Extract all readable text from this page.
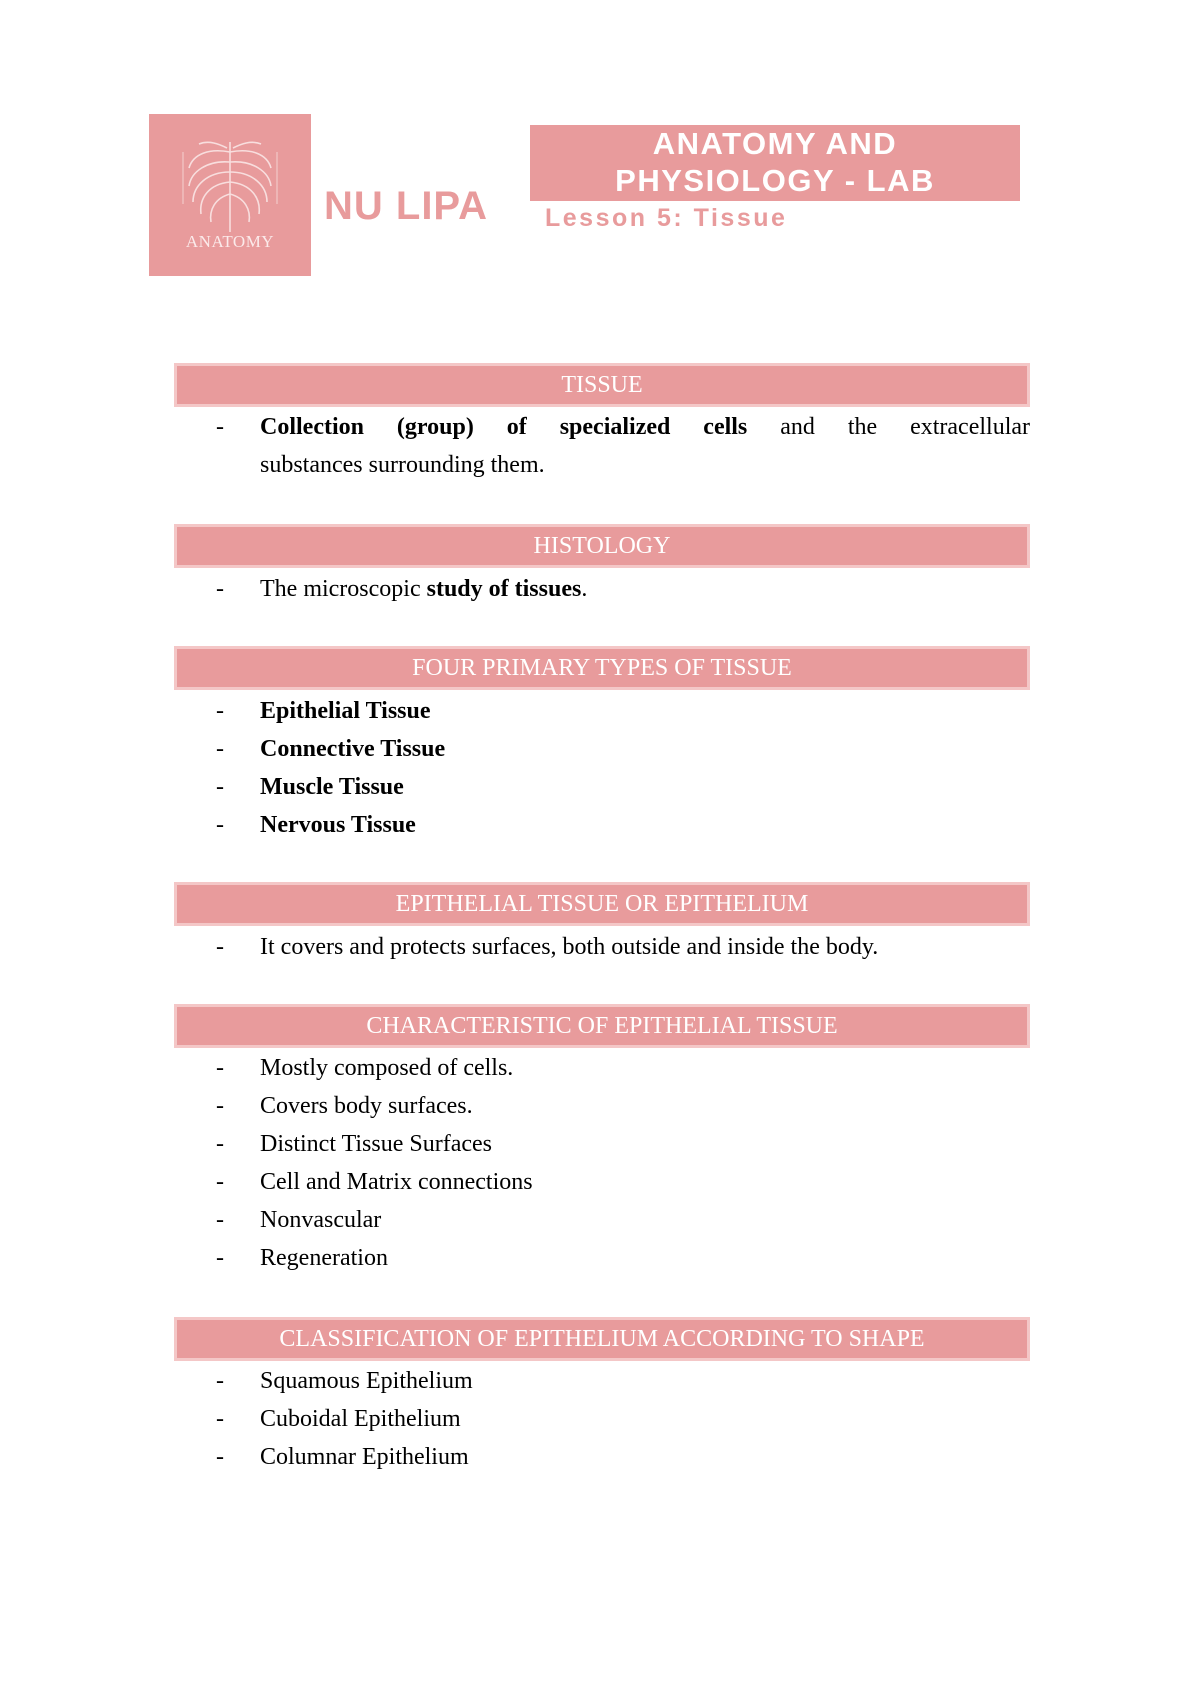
ANATOMY
NU LIPA
ANATOMY AND
PHYSIOLOGY - LAB
Lesson 5: Tissue
TISSUE
- Collection (group) of specialized cells and the extracellular
substances surrounding them.
HISTOLOGY
- The microscopic study of tissues.
FOUR PRIMARY TYPES OF TISSUE
- Epithelial Tissue
- Connective Tissue
- Muscle Tissue
- Nervous Tissue
EPITHELIAL TISSUE OR EPITHELIUM
- It covers and protects surfaces, both outside and inside the body.
CHARACTERISTIC OF EPITHELIAL TISSUE
- Mostly composed of cells.
- Covers body surfaces.
- Distinct Tissue Surfaces
- Cell and Matrix connections
- Nonvascular
- Regeneration
CLASSIFICATION OF EPITHELIUM ACCORDING TO SHAPE
- Squamous Epithelium
- Cuboidal Epithelium
- Columnar Epithelium
